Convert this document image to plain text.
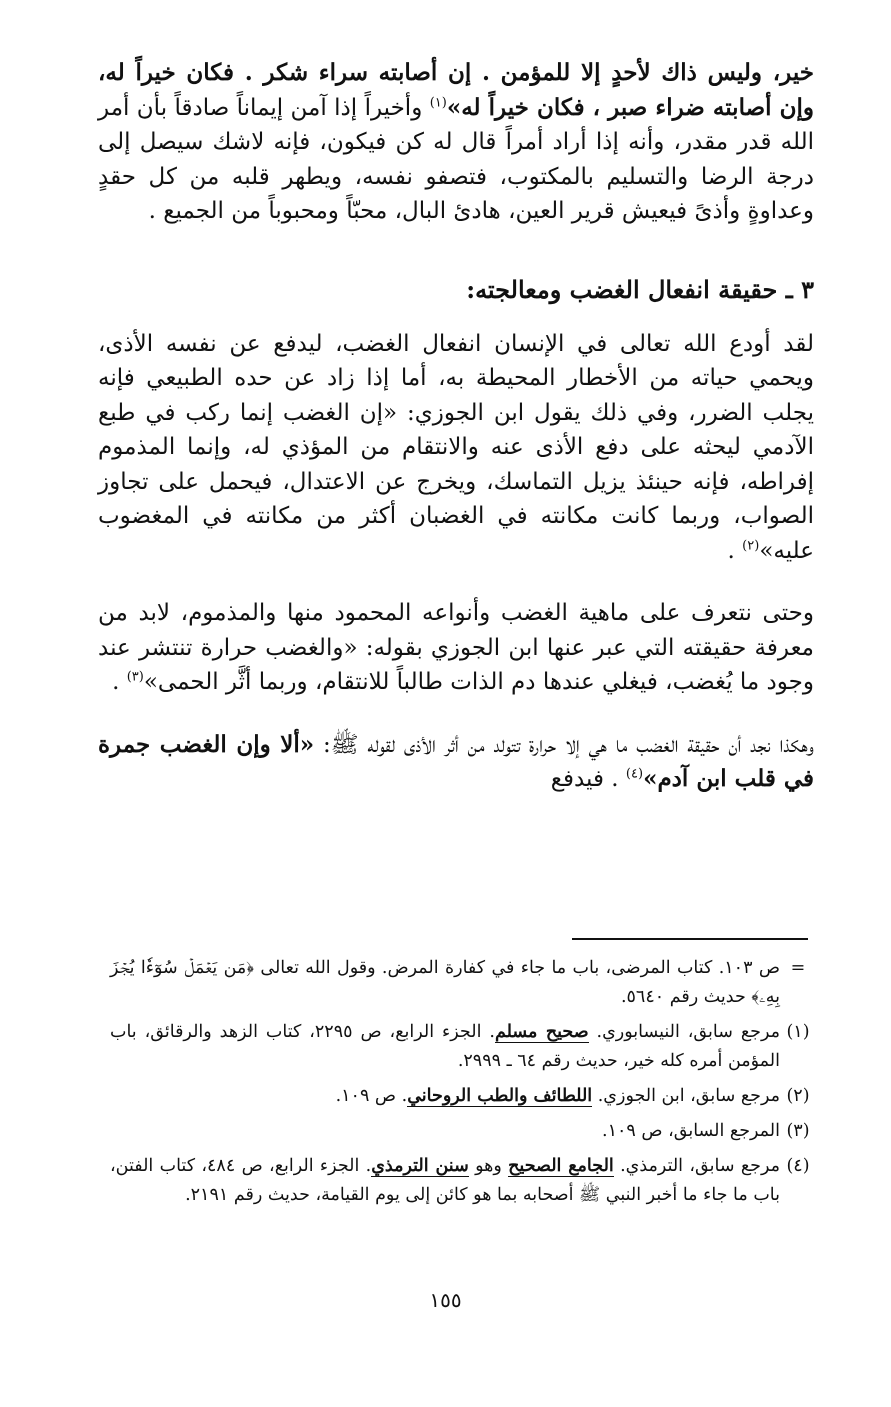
خير، وليس ذاك لأحدٍ إلا للمؤمن . إن أصابته سراء شكر . فكان خيراً له، وإن أصابته ضراء صبر ، فكان خيراً له»$^{(١)}$ وأخيراً إذا آمن إيماناً صادقاً بأن أمر الله قدر مقدر، وأنه إذا أراد أمراً قال له كن فيكون، فإنه لاشك سيصل إلى درجة الرضا والتسليم بالمكتوب، فتصفو نفسه، ويطهر قلبه من كل حقدٍ وعداوةٍ وأذىً فيعيش قرير العين، هادئ البال، محبّاً ومحبوباً من الجميع .

٣ ـ حقيقة انفعال الغضب ومعالجته:

لقد أودع الله تعالى في الإنسان انفعال الغضب، ليدفع عن نفسه الأذى، ويحمي حياته من الأخطار المحيطة به، أما إذا زاد عن حده الطبيعي فإنه يجلب الضرر، وفي ذلك يقول ابن الجوزي: «إن الغضب إنما ركب في طبع الآدمي ليحثه على دفع الأذى عنه والانتقام من المؤذي له، وإنما المذموم إفراطه، فإنه حينئذ يزيل التماسك، ويخرج عن الاعتدال، فيحمل على تجاوز الصواب، وربما كانت مكانته في الغضبان أكثر من مكانته في المغضوب عليه»$^{(٢)}$ .

وحتى نتعرف على ماهية الغضب وأنواعه المحمود منها والمذموم، لابد من معرفة حقيقته التي عبر عنها ابن الجوزي بقوله: «والغضب حرارة تنتشر عند وجود ما يُغضب، فيغلي عندها دم الذات طالباً للانتقام، وربما أثَّر الحمى»$^{(٣)}$ .

وهكذا نجد أن حقيقة الغضب ما هي إلا حرارة تتولد من أثر الأذى لقوله ﷺ: «ألا وإن الغضب جمرة في قلب ابن آدم»$^{(٤)}$ . فيدفع

=
ص ١٠٣. كتاب المرضى، باب ما جاء في كفارة المرض. وقول الله تعالى ﴿مَن يَعۡمَلۡ سُوٓءٗا يُجۡزَ بِهِۦ﴾ حديث رقم ٥٦٤٠.
(١)
مرجع سابق، النيسابوري. صحيح مسلم. الجزء الرابع، ص ٢٢٩٥، كتاب الزهد والرقائق، باب المؤمن أمره كله خير، حديث رقم ٦٤ ـ ٢٩٩٩.
(٢)
مرجع سابق، ابن الجوزي. اللطائف والطب الروحاني. ص ١٠٩.
(٣)
المرجع السابق، ص ١٠٩.
(٤)
مرجع سابق، الترمذي. الجامع الصحيح وهو سنن الترمذي. الجزء الرابع، ص ٤٨٤، كتاب الفتن، باب ما جاء ما أخبر النبي ﷺ أصحابه بما هو كائن إلى يوم القيامة، حديث رقم ٢١٩١.
١٥٥
